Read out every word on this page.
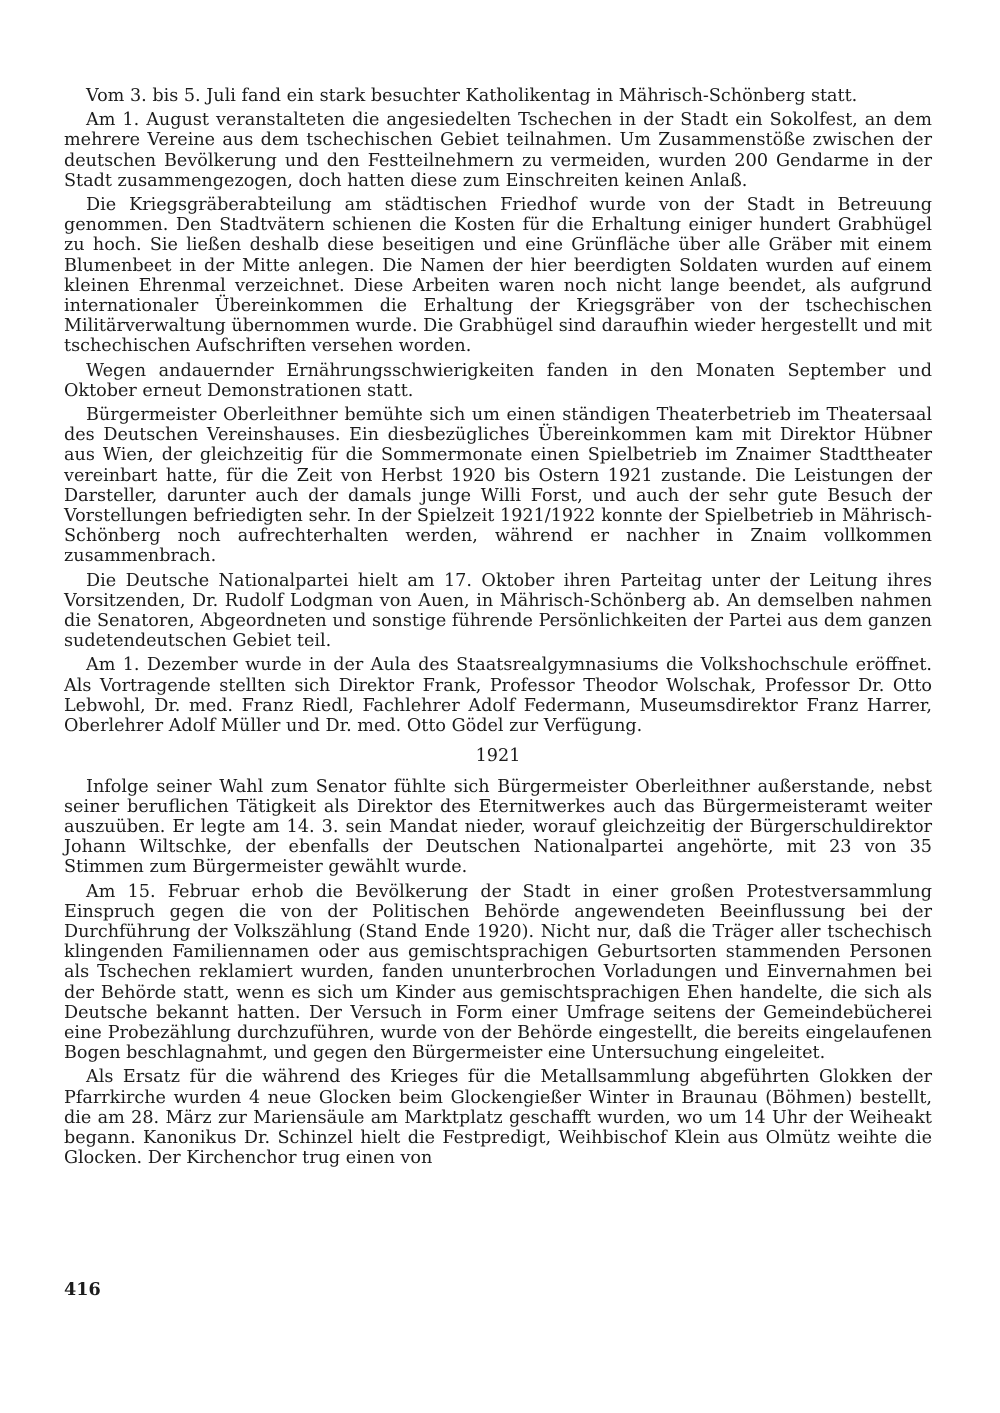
Vom 3. bis 5. Juli fand ein stark besuchter Katholikentag in Mährisch-Schönberg statt.

Am 1. August veranstalteten die angesiedelten Tschechen in der Stadt ein Sokolfest, an dem mehrere Vereine aus dem tschechischen Gebiet teilnahmen. Um Zusammenstöße zwischen der deutschen Bevölkerung und den Festteilnehmern zu vermeiden, wurden 200 Gendarme in der Stadt zusammengezogen, doch hatten diese zum Einschreiten keinen Anlaß.

Die Kriegsgräberabteilung am städtischen Friedhof wurde von der Stadt in Betreuung genommen. Den Stadtvätern schienen die Kosten für die Erhaltung einiger hundert Grabhügel zu hoch. Sie ließen deshalb diese beseitigen und eine Grünfläche über alle Gräber mit einem Blumenbeet in der Mitte anlegen. Die Namen der hier beerdigten Soldaten wurden auf einem kleinen Ehrenmal verzeichnet. Diese Arbeiten waren noch nicht lange beendet, als aufgrund internationaler Übereinkommen die Erhaltung der Kriegsgräber von der tschechischen Militärverwaltung übernommen wurde. Die Grabhügel sind daraufhin wieder hergestellt und mit tschechischen Aufschriften versehen worden.

Wegen andauernder Ernährungsschwierigkeiten fanden in den Monaten September und Oktober erneut Demonstrationen statt.

Bürgermeister Oberleithner bemühte sich um einen ständigen Theaterbetrieb im Theatersaal des Deutschen Vereinshauses. Ein diesbezügliches Übereinkommen kam mit Direktor Hübner aus Wien, der gleichzeitig für die Sommermonate einen Spielbetrieb im Znaimer Stadttheater vereinbart hatte, für die Zeit von Herbst 1920 bis Ostern 1921 zustande. Die Leistungen der Darsteller, darunter auch der damals junge Willi Forst, und auch der sehr gute Besuch der Vorstellungen befriedigten sehr. In der Spielzeit 1921/1922 konnte der Spielbetrieb in Mährisch-Schönberg noch aufrechterhalten werden, während er nachher in Znaim vollkommen zusammenbrach.

Die Deutsche Nationalpartei hielt am 17. Oktober ihren Parteitag unter der Leitung ihres Vorsitzenden, Dr. Rudolf Lodgman von Auen, in Mährisch-Schönberg ab. An demselben nahmen die Senatoren, Abgeordneten und sonstige führende Persönlichkeiten der Partei aus dem ganzen sudetendeutschen Gebiet teil.

Am 1. Dezember wurde in der Aula des Staatsrealgymnasiums die Volkshochschule eröffnet. Als Vortragende stellten sich Direktor Frank, Professor Theodor Wolschak, Professor Dr. Otto Lebwohl, Dr. med. Franz Riedl, Fachlehrer Adolf Federmann, Museumsdirektor Franz Harrer, Oberlehrer Adolf Müller und Dr. med. Otto Gödel zur Verfügung.

1921

Infolge seiner Wahl zum Senator fühlte sich Bürgermeister Oberleithner außerstande, nebst seiner beruflichen Tätigkeit als Direktor des Eternitwerkes auch das Bürgermeisteramt weiter auszuüben. Er legte am 14. 3. sein Mandat nieder, worauf gleichzeitig der Bürgerschuldirektor Johann Wiltschke, der ebenfalls der Deutschen Nationalpartei angehörte, mit 23 von 35 Stimmen zum Bürgermeister gewählt wurde.

Am 15. Februar erhob die Bevölkerung der Stadt in einer großen Protestversammlung Einspruch gegen die von der Politischen Behörde angewendeten Beeinflussung bei der Durchführung der Volkszählung (Stand Ende 1920). Nicht nur, daß die Träger aller tschechisch klingenden Familiennamen oder aus gemischtsprachigen Geburtsorten stammenden Personen als Tschechen reklamiert wurden, fanden ununterbrochen Vorladungen und Einvernahmen bei der Behörde statt, wenn es sich um Kinder aus gemischtsprachigen Ehen handelte, die sich als Deutsche bekannt hatten. Der Versuch in Form einer Umfrage seitens der Gemeindebücherei eine Probezählung durchzuführen, wurde von der Behörde eingestellt, die bereits eingelaufenen Bogen beschlagnahmt, und gegen den Bürgermeister eine Untersuchung eingeleitet.

Als Ersatz für die während des Krieges für die Metallsammlung abgeführten Glokken der Pfarrkirche wurden 4 neue Glocken beim Glockengießer Winter in Braunau (Böhmen) bestellt, die am 28. März zur Mariensäule am Marktplatz geschafft wurden, wo um 14 Uhr der Weiheakt begann. Kanonikus Dr. Schinzel hielt die Festpredigt, Weihbischof Klein aus Olmütz weihte die Glocken. Der Kirchenchor trug einen von

416
